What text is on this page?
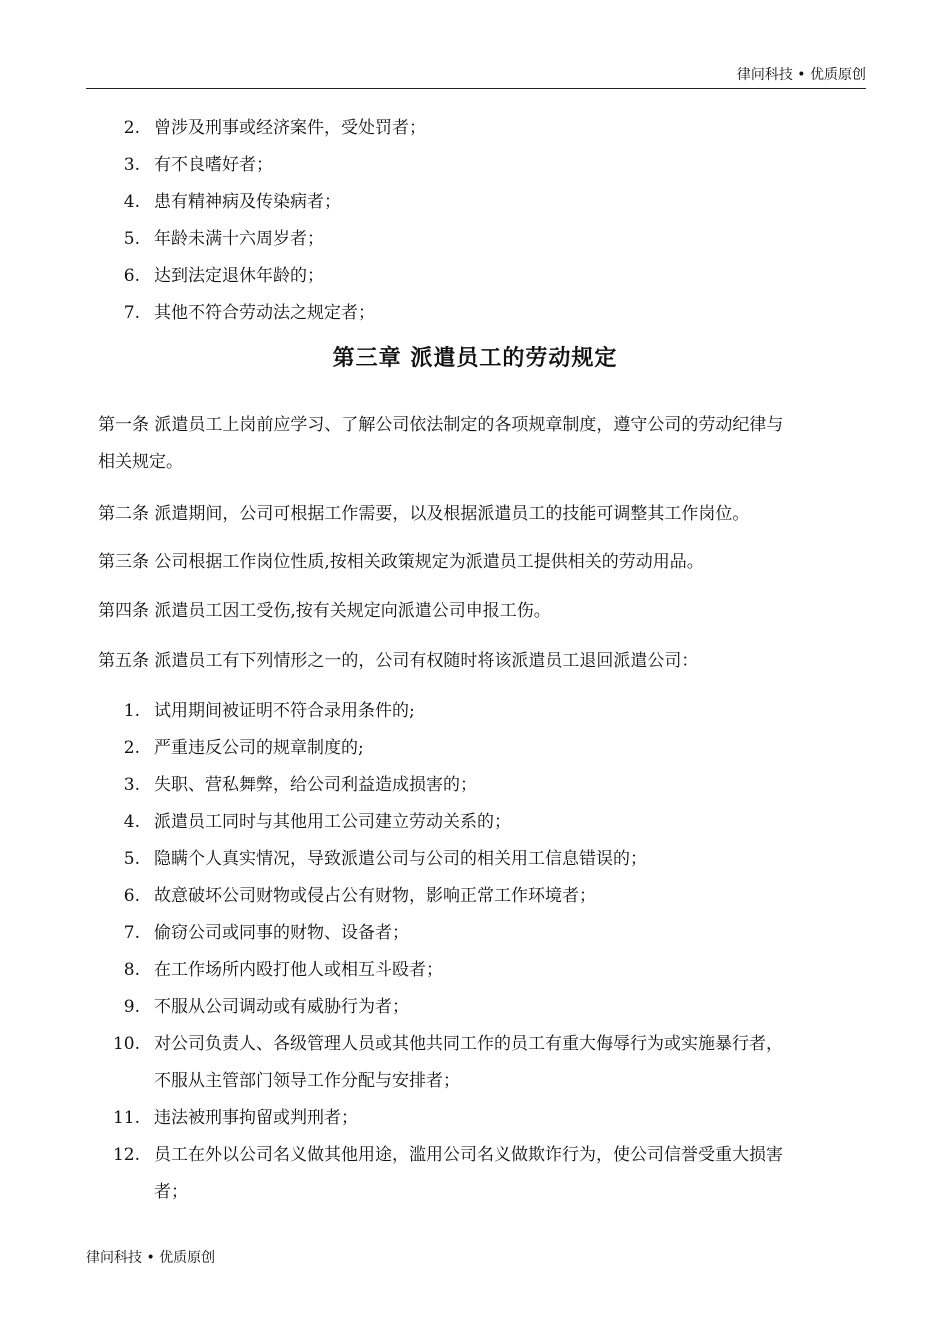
律问科技 • 优质原创
2. 曾涉及刑事或经济案件，受处罚者；
3. 有不良嗜好者；
4. 患有精神病及传染病者；
5. 年龄未满十六周岁者；
6. 达到法定退休年龄的；
7. 其他不符合劳动法之规定者；
第三章 派遣员工的劳动规定
第一条 派遣员工上岗前应学习、了解公司依法制定的各项规章制度，遵守公司的劳动纪律与
相关规定。
第二条 派遣期间，公司可根据工作需要，以及根据派遣员工的技能可调整其工作岗位。
第三条 公司根据工作岗位性质,按相关政策规定为派遣员工提供相关的劳动用品。
第四条 派遣员工因工受伤,按有关规定向派遣公司申报工伤。
第五条 派遣员工有下列情形之一的，公司有权随时将该派遣员工退回派遣公司：
1. 试用期间被证明不符合录用条件的;
2. 严重违反公司的规章制度的;
3. 失职、营私舞弊，给公司利益造成损害的；
4. 派遣员工同时与其他用工公司建立劳动关系的；
5. 隐瞒个人真实情况，导致派遣公司与公司的相关用工信息错误的；
6. 故意破坏公司财物或侵占公有财物，影响正常工作环境者；
7. 偷窃公司或同事的财物、设备者；
8. 在工作场所内殴打他人或相互斗殴者；
9. 不服从公司调动或有威胁行为者；
10. 对公司负责人、各级管理人员或其他共同工作的员工有重大侮辱行为或实施暴行者，
不服从主管部门领导工作分配与安排者；
11. 违法被刑事拘留或判刑者；
12. 员工在外以公司名义做其他用途，滥用公司名义做欺诈行为，使公司信誉受重大损害
者；
律问科技 • 优质原创
